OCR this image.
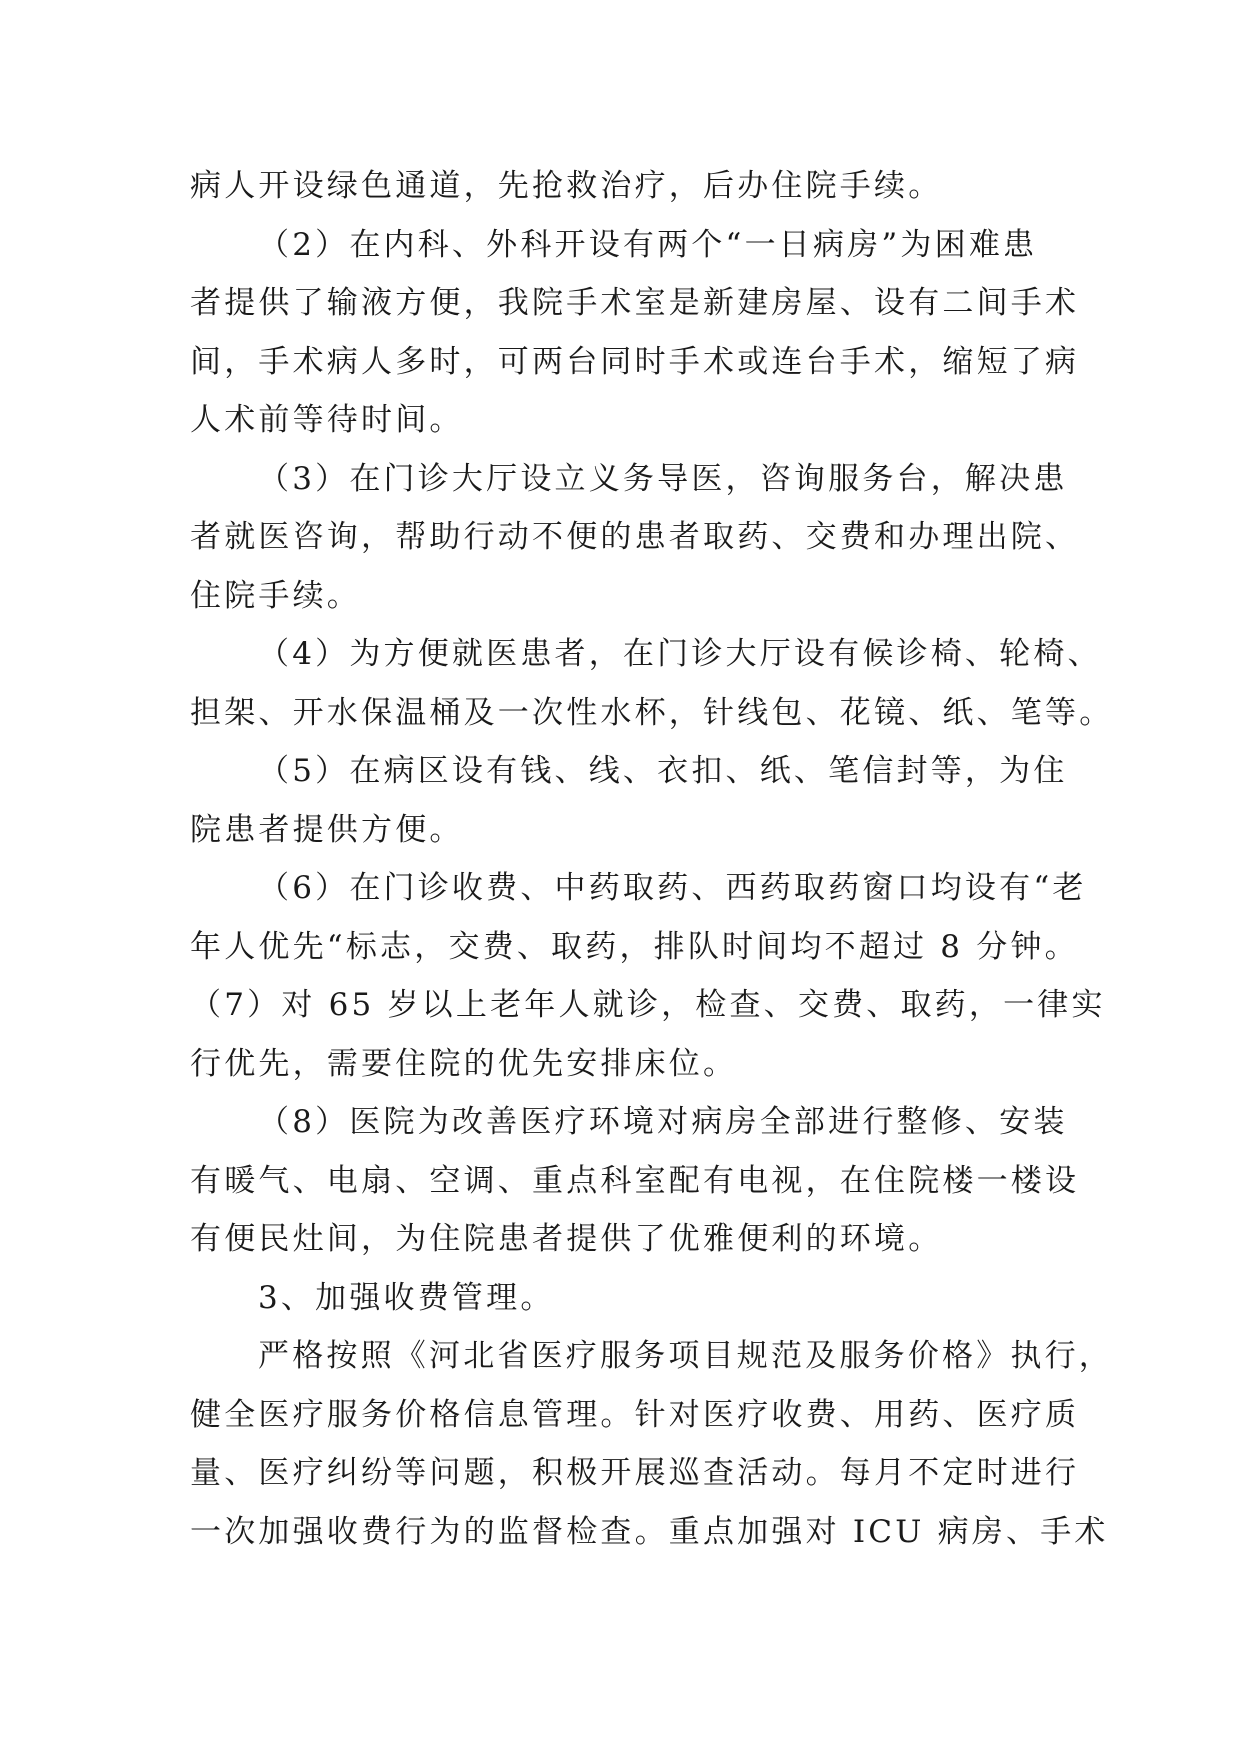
病人开设绿色通道，先抢救治疗，后办住院手续。
（2）在内科、外科开设有两个“一日病房”为困难患
者提供了输液方便，我院手术室是新建房屋、设有二间手术
间，手术病人多时，可两台同时手术或连台手术，缩短了病
人术前等待时间。
（3）在门诊大厅设立义务导医，咨询服务台，解决患
者就医咨询，帮助行动不便的患者取药、交费和办理出院、
住院手续。
（4）为方便就医患者，在门诊大厅设有候诊椅、轮椅、
担架、开水保温桶及一次性水杯，针线包、花镜、纸、笔等。
（5）在病区设有钱、线、衣扣、纸、笔信封等，为住
院患者提供方便。
（6）在门诊收费、中药取药、西药取药窗口均设有“老
年人优先“标志，交费、取药，排队时间均不超过 8 分钟。
（7）对 65 岁以上老年人就诊，检查、交费、取药，一律实
行优先，需要住院的优先安排床位。
（8）医院为改善医疗环境对病房全部进行整修、安装
有暖气、电扇、空调、重点科室配有电视，在住院楼一楼设
有便民灶间，为住院患者提供了优雅便利的环境。
3、加强收费管理。
严格按照《河北省医疗服务项目规范及服务价格》执行，
健全医疗服务价格信息管理。针对医疗收费、用药、医疗质
量、医疗纠纷等问题，积极开展巡查活动。每月不定时进行
一次加强收费行为的监督检查。重点加强对 ICU 病房、手术
